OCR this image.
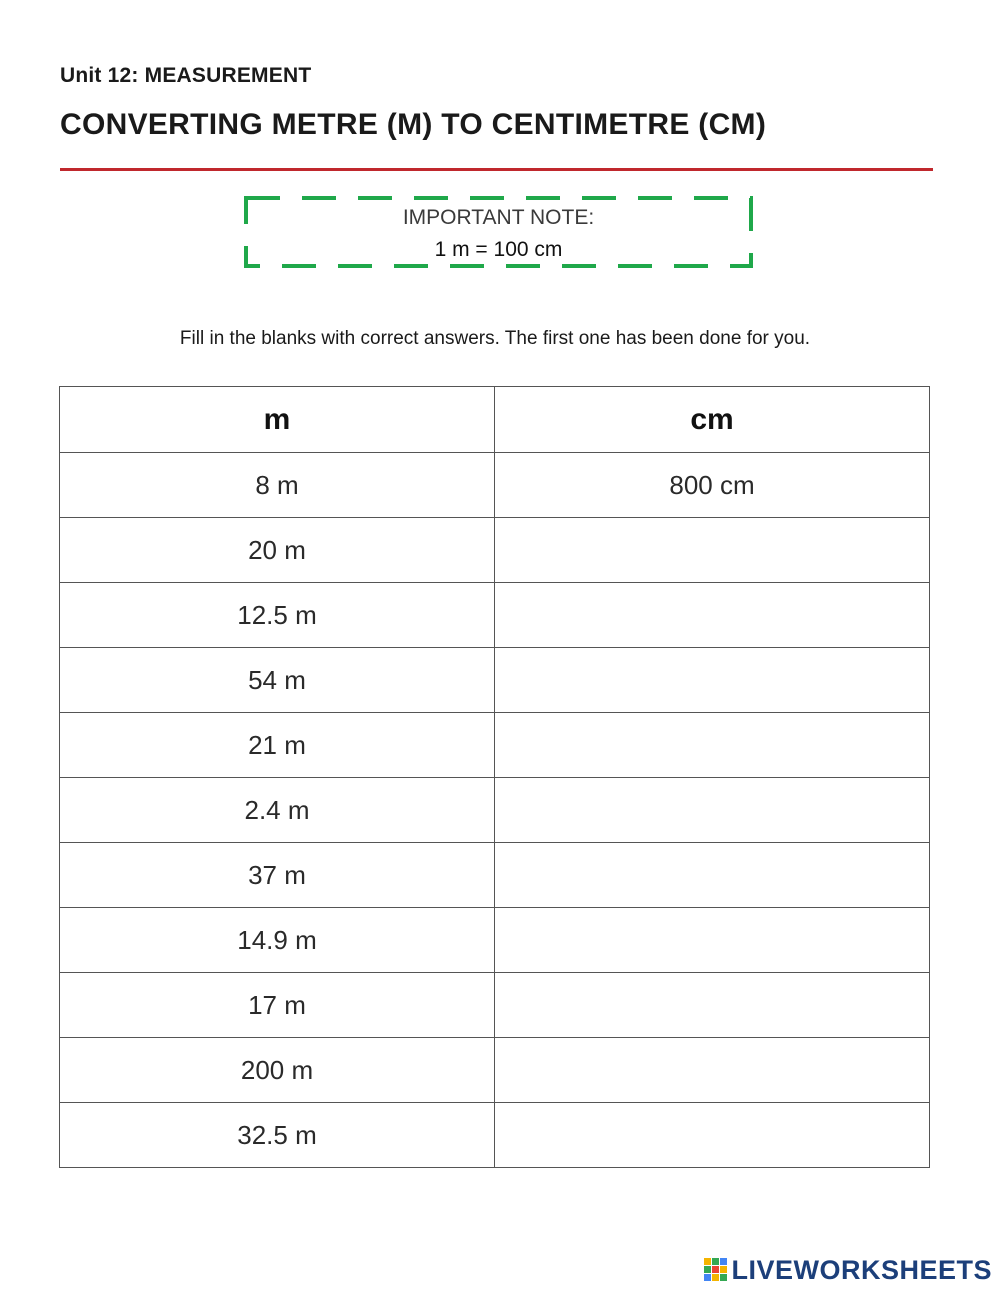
Unit 12: MEASUREMENT
CONVERTING METRE (M) TO CENTIMETRE (CM)
IMPORTANT NOTE:
1 m = 100 cm
Fill in the blanks with correct answers. The first one has been done for you.
m	cm
8 m	800 cm
20 m	
12.5 m	
54 m	
21 m	
2.4 m	
37 m	
14.9 m	
17 m	
200 m	
32.5 m	
LIVEWORKSHEETS
